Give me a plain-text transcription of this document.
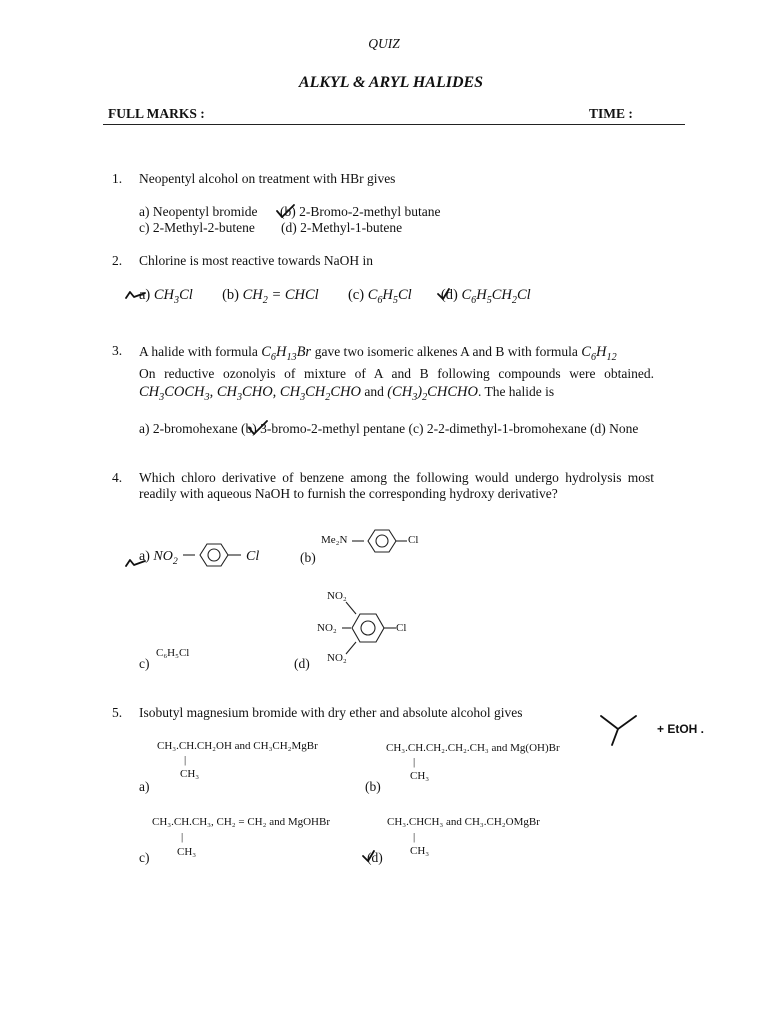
QUIZ
ALKYL & ARYL HALIDES
FULL MARKS :	TIME :
1. Neopentyl alcohol on treatment with HBr gives
a) Neopentyl bromide (b) 2-Bromo-2-methyl butane
c) 2-Methyl-2-butene (d) 2-Methyl-1-butene
2. Chlorine is most reactive towards NaOH in
a) $CH_3Cl$ (b) $CH_2$ = CHCl (c) $C_6H_5Cl$ (d) $C_6H_5CH_2Cl$
3. A halide with formula $C_6H_{13}Br$ gave two isomeric alkenes A and B with formula $C_6H_{12}$
On reductive ozonolyis of mixture of A and B following compounds were obtained.
$CH_3COCH_3$, $CH_3CHO$, $CH_3CH_2CHO$ and $(CH_3)_2CHCHO$. The halide is
a) 2-bromohexane (b) 3-bromo-2-methyl pentane (c) 2-2-dimethyl-1-bromohexane (d) None
4. Which chloro derivative of benzene among the following would undergo hydrolysis most
readily with aqueous NaOH to furnish the corresponding hydroxy derivative?
a) $NO_2$	Cl	(b)
Me₂N	Cl
NO₂
NO₂
NO₂
Cl
C₆H₅Cl
c)	(d)
5. Isobutyl magnesium bromide with dry ether and absolute alcohol gives
+ EtOH .
CH₃.CH.CH₂OH and CH₃CH₂MgBr
|
CH₃
a)
CH₃.CH.CH₂.CH₂.CH₃ and Mg(OH)Br
|
CH₃
(b)
CH₃.CH.CH₃, CH₂ = CH₂ and MgOHBr
|
CH₃
c)
CH₃.CHCH₃ and CH₃.CH₂OMgBr
|
CH₃
(d)
